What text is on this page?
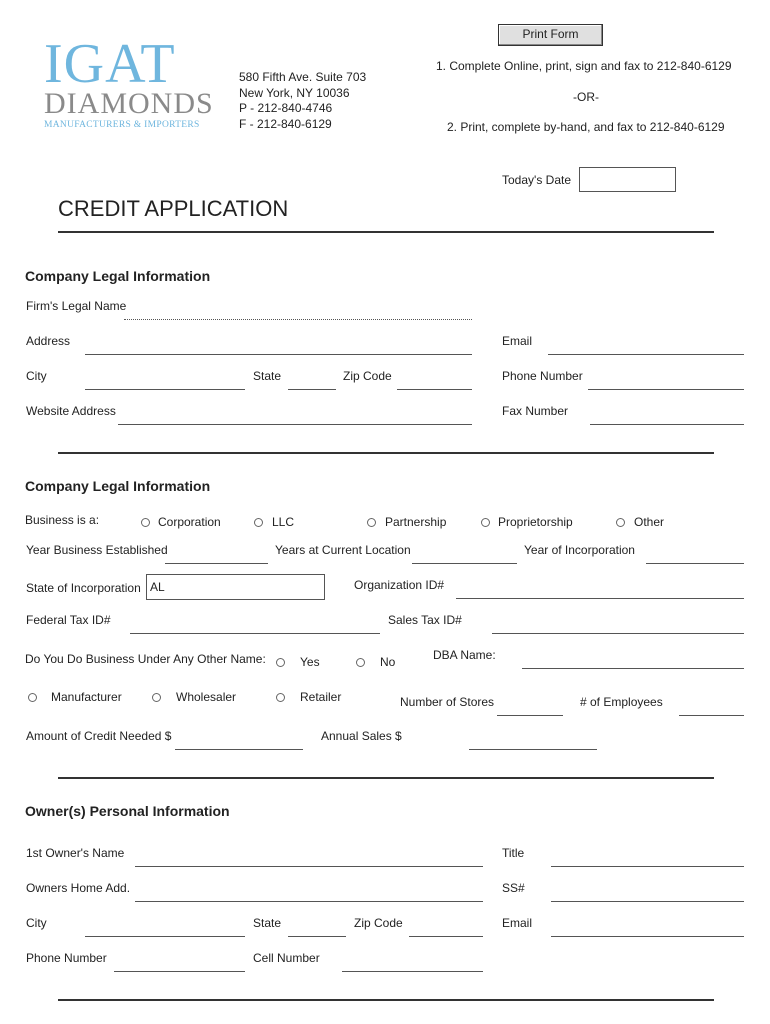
Print Form
IGAT
DIAMONDS
MANUFACTURERS & IMPORTERS
580 Fifth Ave. Suite 703
New York, NY 10036
P - 212-840-4746
F - 212-840-6129
1. Complete Online, print, sign and fax to 212-840-6129
-OR-
2. Print, complete by-hand, and fax to 212-840-6129
Today's Date
CREDIT APPLICATION
Company Legal Information
Firm's Legal Name
Address	Email
City	State	Zip Code	Phone Number
Website Address	Fax Number
Company Legal Information
Business is a:	Corporation	LLC	Partnership	Proprietorship	Other
Year Business Established	Years at Current Location	Year of Incorporation
State of Incorporation AL	Organization ID#
Federal Tax ID#	Sales Tax ID#
Do You Do Business Under Any Other Name:	Yes	No	DBA Name:
Manufacturer	Wholesaler	Retailer	Number of Stores	# of Employees
Amount of Credit Needed $	Annual Sales $
Owner(s) Personal Information
1st Owner's Name	Title
Owners Home Add.	SS#
City	State	Zip Code	Email
Phone Number	Cell Number
